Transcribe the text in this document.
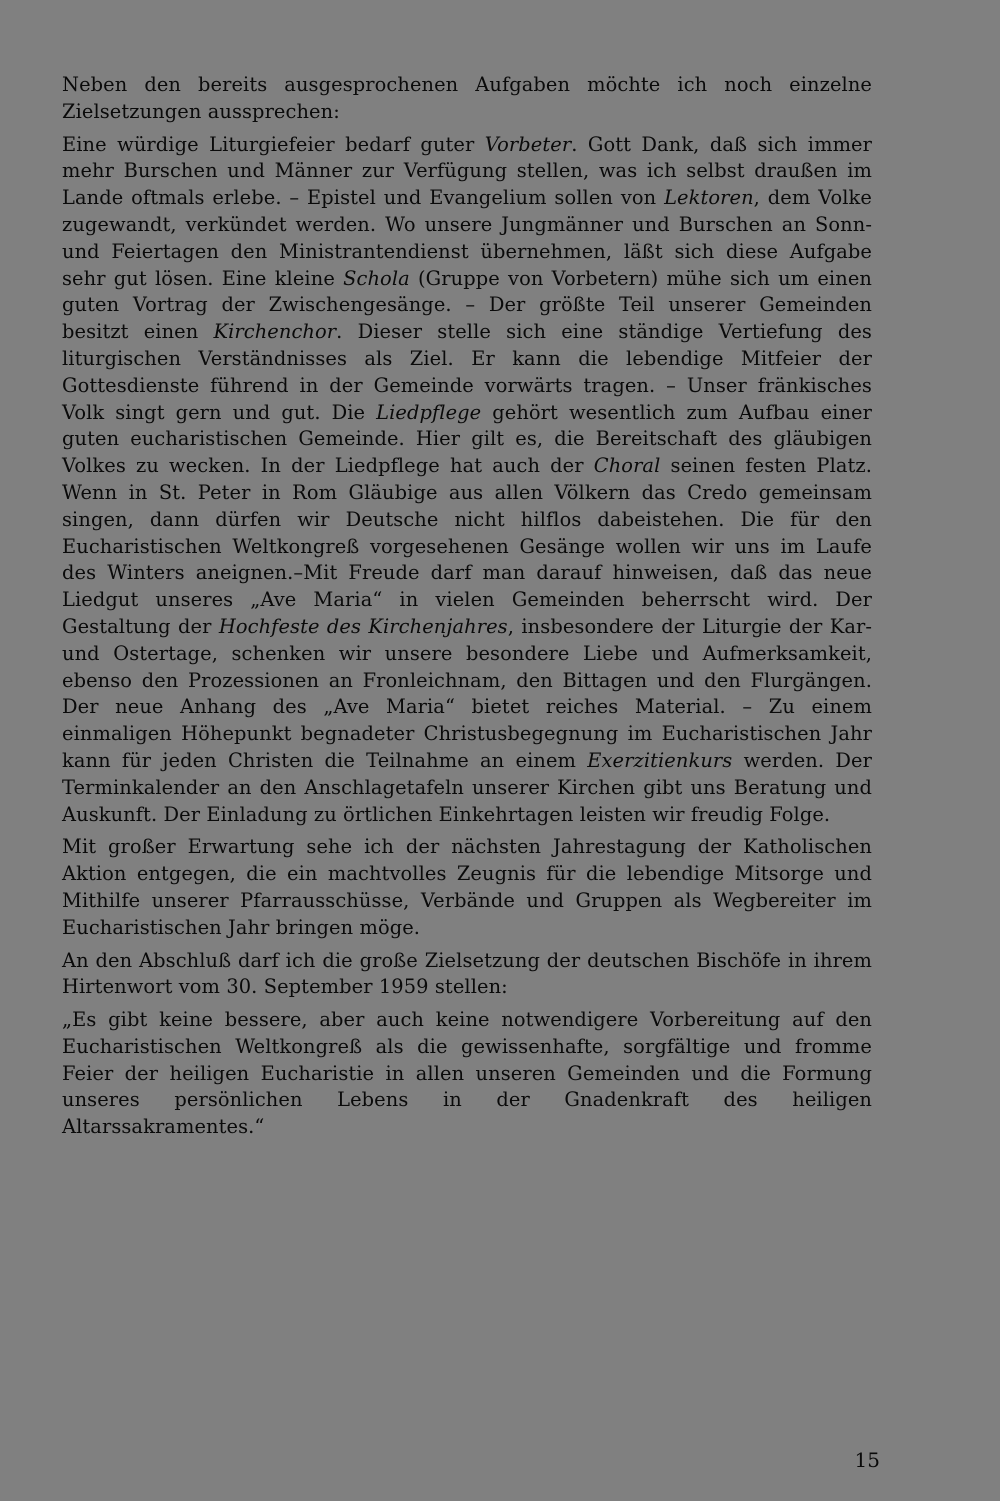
Neben den bereits ausgesprochenen Aufgaben möchte ich noch einzelne Zielsetzungen aussprechen:

Eine würdige Liturgiefeier bedarf guter Vorbeter. Gott Dank, daß sich immer mehr Burschen und Männer zur Verfügung stellen, was ich selbst draußen im Lande oftmals erlebe. – Epistel und Evangelium sollen von Lektoren, dem Volke zugewandt, verkündet werden. Wo unsere Jungmänner und Burschen an Sonn- und Feiertagen den Ministrantendienst übernehmen, läßt sich diese Aufgabe sehr gut lösen. Eine kleine Schola (Gruppe von Vorbetern) mühe sich um einen guten Vortrag der Zwischengesänge. – Der größte Teil unserer Gemeinden besitzt einen Kirchenchor. Dieser stelle sich eine ständige Vertiefung des liturgischen Verständnisses als Ziel. Er kann die lebendige Mitfeier der Gottesdienste führend in der Gemeinde vorwärts tragen. – Unser fränkisches Volk singt gern und gut. Die Liedpflege gehört wesentlich zum Aufbau einer guten eucharistischen Gemeinde. Hier gilt es, die Bereitschaft des gläubigen Volkes zu wecken. In der Liedpflege hat auch der Choral seinen festen Platz. Wenn in St. Peter in Rom Gläubige aus allen Völkern das Credo gemeinsam singen, dann dürfen wir Deutsche nicht hilflos dabeistehen. Die für den Eucharistischen Weltkongreß vorgesehenen Gesänge wollen wir uns im Laufe des Winters aneignen.–Mit Freude darf man darauf hinweisen, daß das neue Liedgut unseres „Ave Maria“ in vielen Gemeinden beherrscht wird. Der Gestaltung der Hochfeste des Kirchenjahres, insbesondere der Liturgie der Kar- und Ostertage, schenken wir unsere besondere Liebe und Aufmerksamkeit, ebenso den Prozessionen an Fronleichnam, den Bittagen und den Flurgängen. Der neue Anhang des „Ave Maria“ bietet reiches Material. – Zu einem einmaligen Höhepunkt begnadeter Christusbegegnung im Eucharistischen Jahr kann für jeden Christen die Teilnahme an einem Exerzitienkurs werden. Der Terminkalender an den Anschlagetafeln unserer Kirchen gibt uns Beratung und Auskunft. Der Einladung zu örtlichen Einkehrtagen leisten wir freudig Folge.

Mit großer Erwartung sehe ich der nächsten Jahrestagung der Katholischen Aktion entgegen, die ein machtvolles Zeugnis für die lebendige Mitsorge und Mithilfe unserer Pfarrausschüsse, Verbände und Gruppen als Wegbereiter im Eucharistischen Jahr bringen möge.

An den Abschluß darf ich die große Zielsetzung der deutschen Bischöfe in ihrem Hirtenwort vom 30. September 1959 stellen:

„Es gibt keine bessere, aber auch keine notwendigere Vorbereitung auf den Eucharistischen Weltkongreß als die gewissenhafte, sorgfältige und fromme Feier der heiligen Eucharistie in allen unseren Gemeinden und die Formung unseres persönlichen Lebens in der Gnadenkraft des heiligen Altarssakramentes.“

15
